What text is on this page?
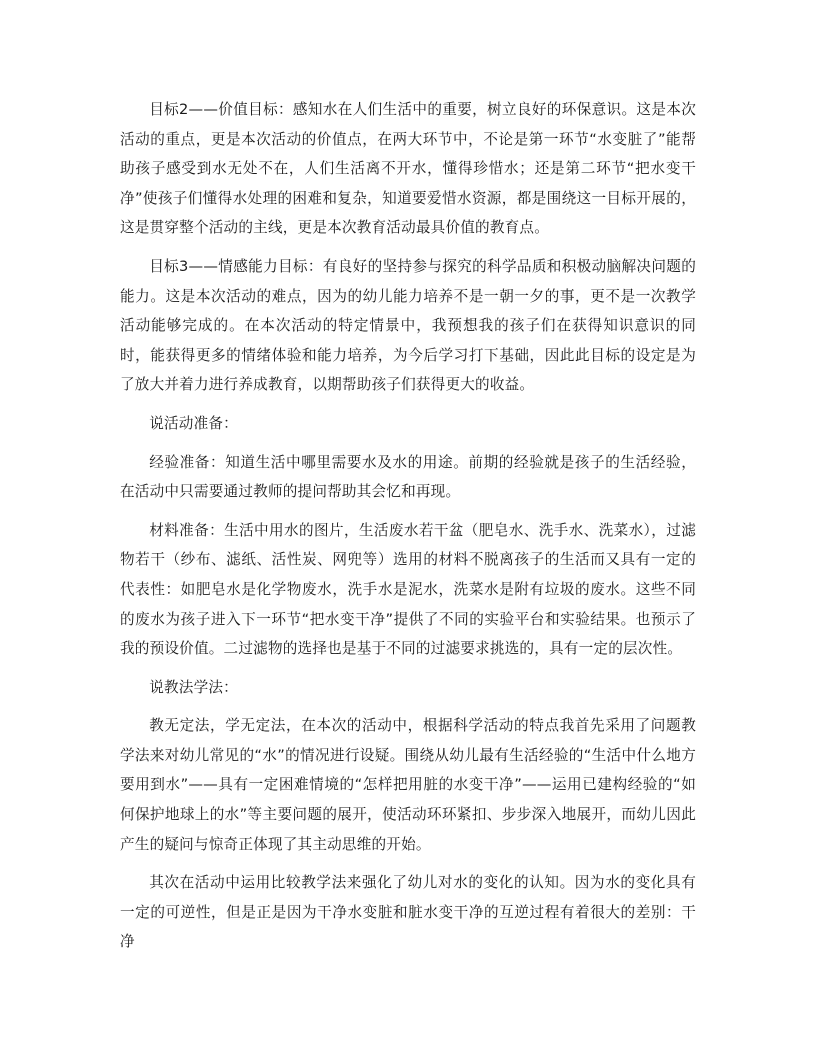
目标2——价值目标：感知水在人们生活中的重要，树立良好的环保意识。这是本次活动的重点，更是本次活动的价值点，在两大环节中，不论是第一环节“水变脏了”能帮助孩子感受到水无处不在，人们生活离不开水，懂得珍惜水；还是第二环节“把水变干净”使孩子们懂得水处理的困难和复杂，知道要爱惜水资源，都是围绕这一目标开展的，这是贯穿整个活动的主线，更是本次教育活动最具价值的教育点。

目标3——情感能力目标：有良好的坚持参与探究的科学品质和积极动脑解决问题的能力。这是本次活动的难点，因为的幼儿能力培养不是一朝一夕的事，更不是一次教学活动能够完成的。在本次活动的特定情景中，我预想我的孩子们在获得知识意识的同时，能获得更多的情绪体验和能力培养，为今后学习打下基础，因此此目标的设定是为了放大并着力进行养成教育，以期帮助孩子们获得更大的收益。

说活动准备：

经验准备：知道生活中哪里需要水及水的用途。前期的经验就是孩子的生活经验，在活动中只需要通过教师的提问帮助其会忆和再现。

材料准备：生活中用水的图片，生活废水若干盆（肥皂水、洗手水、洗菜水），过滤物若干（纱布、滤纸、活性炭、网兜等）选用的材料不脱离孩子的生活而又具有一定的代表性：如肥皂水是化学物废水，洗手水是泥水，洗菜水是附有垃圾的废水。这些不同的废水为孩子进入下一环节“把水变干净”提供了不同的实验平台和实验结果。也预示了我的预设价值。二过滤物的选择也是基于不同的过滤要求挑选的，具有一定的层次性。

说教法学法：

教无定法，学无定法，在本次的活动中，根据科学活动的特点我首先采用了问题教学法来对幼儿常见的“水”的情况进行设疑。围绕从幼儿最有生活经验的“生活中什么地方要用到水”——具有一定困难情境的“怎样把用脏的水变干净”——运用已建构经验的“如何保护地球上的水”等主要问题的展开，使活动环环紧扣、步步深入地展开，而幼儿因此产生的疑问与惊奇正体现了其主动思维的开始。

其次在活动中运用比较教学法来强化了幼儿对水的变化的认知。因为水的变化具有一定的可逆性，但是正是因为干净水变脏和脏水变干净的互逆过程有着很大的差别：干净
